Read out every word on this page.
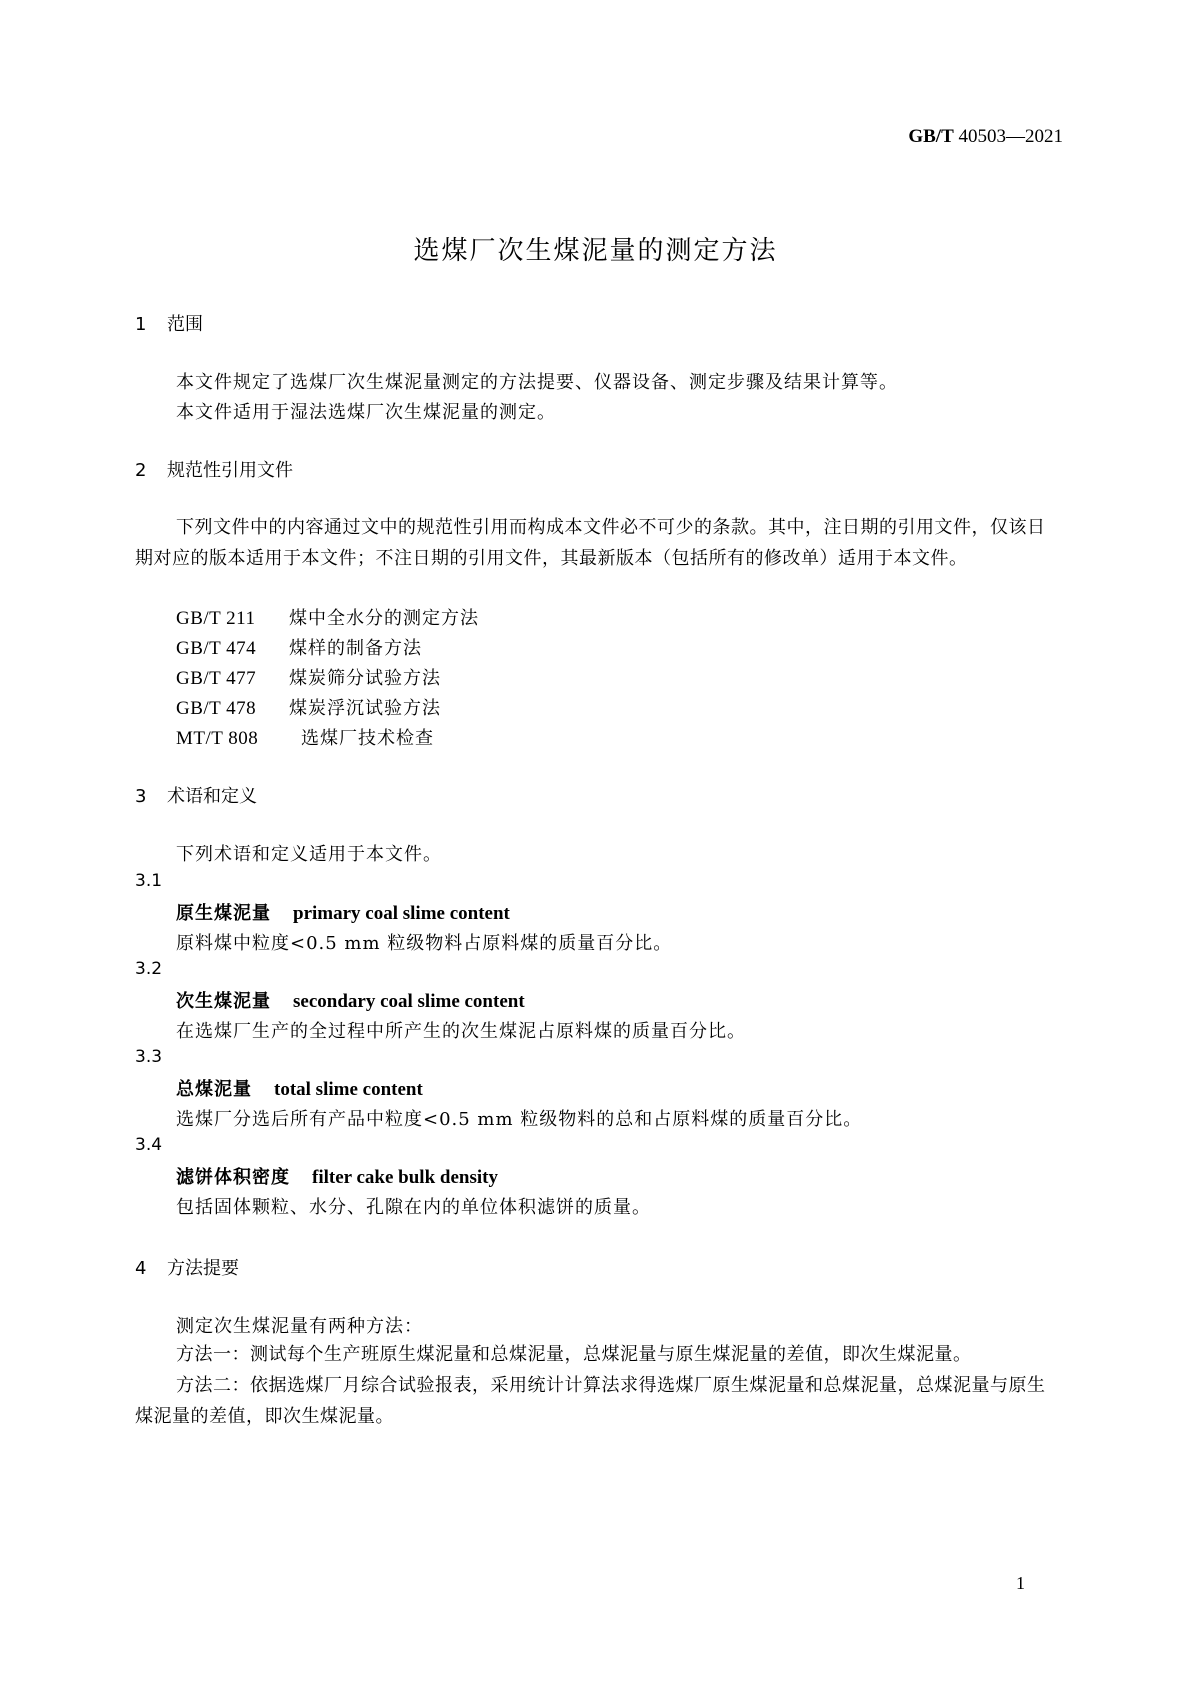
GB/T 40503—2021
选煤厂次生煤泥量的测定方法
1 范围
本文件规定了选煤厂次生煤泥量测定的方法提要、仪器设备、测定步骤及结果计算等。
本文件适用于湿法选煤厂次生煤泥量的测定。
2 规范性引用文件
下列文件中的内容通过文中的规范性引用而构成本文件必不可少的条款。其中，注日期的引用文件，仅该日期对应的版本适用于本文件；不注日期的引用文件，其最新版本（包括所有的修改单）适用于本文件。
GB/T 211 煤中全水分的测定方法
GB/T 474 煤样的制备方法
GB/T 477 煤炭筛分试验方法
GB/T 478 煤炭浮沉试验方法
MT/T 808 选煤厂技术检查
3 术语和定义
下列术语和定义适用于本文件。
3.1
原生煤泥量 primary coal slime content
原料煤中粒度<0.5 mm 粒级物料占原料煤的质量百分比。
3.2
次生煤泥量 secondary coal slime content
在选煤厂生产的全过程中所产生的次生煤泥占原料煤的质量百分比。
3.3
总煤泥量 total slime content
选煤厂分选后所有产品中粒度<0.5 mm 粒级物料的总和占原料煤的质量百分比。
3.4
滤饼体积密度 filter cake bulk density
包括固体颗粒、水分、孔隙在内的单位体积滤饼的质量。
4 方法提要
测定次生煤泥量有两种方法：
方法一：测试每个生产班原生煤泥量和总煤泥量，总煤泥量与原生煤泥量的差值，即次生煤泥量。
方法二：依据选煤厂月综合试验报表，采用统计计算法求得选煤厂原生煤泥量和总煤泥量，总煤泥量与原生煤泥量的差值，即次生煤泥量。
1
